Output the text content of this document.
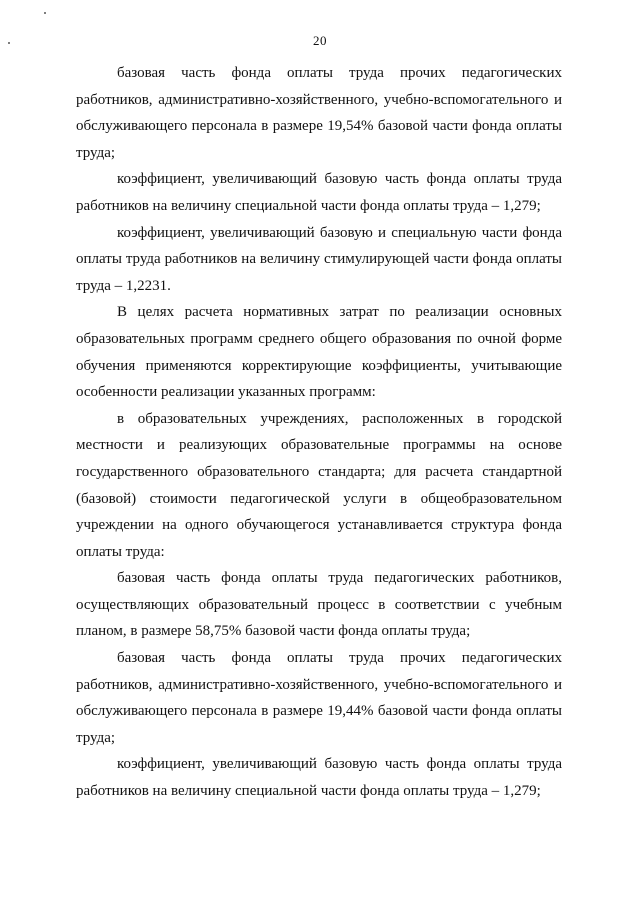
20

базовая часть фонда оплаты труда прочих педагогических работников, административно-хозяйственного, учебно-вспомогательного и обслуживающего персонала в размере 19,54% базовой части фонда оплаты труда;

коэффициент, увеличивающий базовую часть фонда оплаты труда работников на величину специальной части фонда оплаты труда – 1,279;

коэффициент, увеличивающий базовую и специальную части фонда оплаты труда работников на величину стимулирующей части фонда оплаты труда – 1,2231.

В целях расчета нормативных затрат по реализации основных образовательных программ среднего общего образования по очной форме обучения применяются корректирующие коэффициенты, учитывающие особенности реализации указанных программ:

в образовательных учреждениях, расположенных в городской местности и реализующих образовательные программы на основе государственного образовательного стандарта; для расчета стандартной (базовой) стоимости педагогической услуги в общеобразовательном учреждении на одного обучающегося устанавливается структура фонда оплаты труда:

базовая часть фонда оплаты труда педагогических работников, осуществляющих образовательный процесс в соответствии с учебным планом, в размере 58,75% базовой части фонда оплаты труда;

базовая часть фонда оплаты труда прочих педагогических работников, административно-хозяйственного, учебно-вспомогательного и обслуживающего персонала в размере 19,44% базовой части фонда оплаты труда;

коэффициент, увеличивающий базовую часть фонда оплаты труда работников на величину специальной части фонда оплаты труда – 1,279;
